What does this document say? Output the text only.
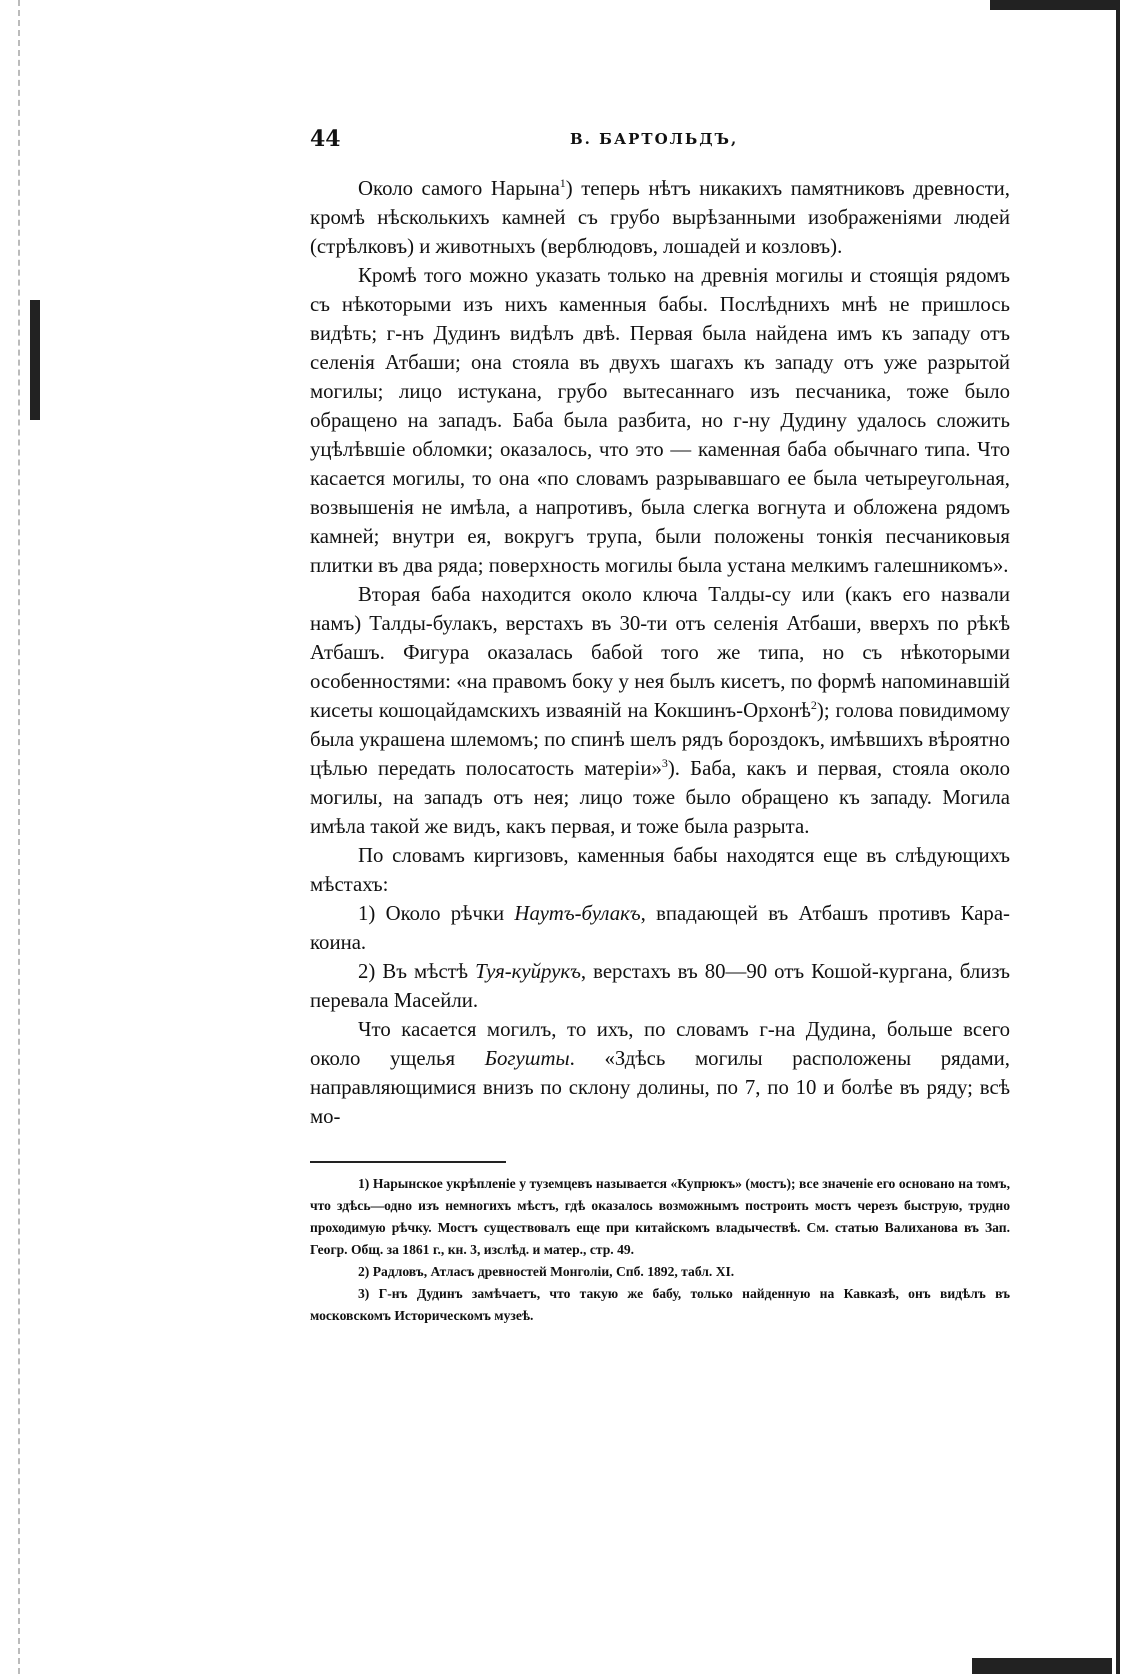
44	В. БАРТОЛЬДЪ,

Около самого Нарына$^1$) теперь нѣтъ никакихъ памятниковъ древности, кромѣ нѣсколькихъ камней съ грубо вырѣзанными изображеніями людей (стрѣлковъ) и животныхъ (верблюдовъ, лошадей и козловъ).

Кромѣ того можно указать только на древнія могилы и стоящія рядомъ съ нѣкоторыми изъ нихъ каменныя бабы. Послѣднихъ мнѣ не пришлось видѣть; г-нъ Дудинъ видѣлъ двѣ. Первая была найдена имъ къ западу отъ селенія Атбаши; она стояла въ двухъ шагахъ къ западу отъ уже разрытой могилы; лицо истукана, грубо вытесаннаго изъ песчаника, тоже было обращено на западъ. Баба была разбита, но г-ну Дудину удалось сложить уцѣлѣвшіе обломки; оказалось, что это — каменная баба обычнаго типа. Что касается могилы, то она «по словамъ разрывавшаго ее была четыреугольная, возвышенія не имѣла, а напротивъ, была слегка вогнута и обложена рядомъ камней; внутри ея, вокругъ трупа, были положены тонкія песчаниковыя плитки въ два ряда; поверхность могилы была устана мелкимъ галешникомъ».

Вторая баба находится около ключа Талды-су или (какъ его назвали намъ) Талды-булакъ, верстахъ въ 30-ти отъ селенія Атбаши, вверхъ по рѣкѣ Атбашъ. Фигура оказалась бабой того же типа, но съ нѣкоторыми особенностями: «на правомъ боку у нея былъ кисетъ, по формѣ напоминавшій кисеты кошоцайдамскихъ изваяній на Кокшинъ-Орхонѣ$^2$); голова повидимому была украшена шлемомъ; по спинѣ шелъ рядъ бороздокъ, имѣвшихъ вѣроятно цѣлью передать полосатость матеріи»$^3$). Баба, какъ и первая, стояла около могилы, на западъ отъ нея; лицо тоже было обращено къ западу. Могила имѣла такой же видъ, какъ первая, и тоже была разрыта.

По словамъ киргизовъ, каменныя бабы находятся еще въ слѣдующихъ мѣстахъ:

1) Около рѣчки Наутъ-булакъ, впадающей въ Атбашъ противъ Кара-коина.

2) Въ мѣстѣ Туя-куйрукъ, верстахъ въ 80—90 отъ Кошой-кургана, близъ перевала Масейли.

Что касается могилъ, то ихъ, по словамъ г-на Дудина, больше всего около ущелья Богушты. «Здѣсь могилы расположены рядами, направляющимися внизъ по склону долины, по 7, по 10 и болѣе въ ряду; всѣ мо-

1) Нарынское укрѣпленіе у туземцевъ называется «Купрюкъ» (мостъ); все значеніе его основано на томъ, что здѣсь—одно изъ немногихъ мѣстъ, гдѣ оказалось возможнымъ построить мостъ черезъ быструю, трудно проходимую рѣчку. Мостъ существовалъ еще при китайскомъ владычествѣ. См. статью Валиханова въ Зап. Геогр. Общ. за 1861 г., кн. 3, изслѣд. и матер., стр. 49.

2) Радловъ, Атласъ древностей Монголіи, Спб. 1892, табл. XI.

3) Г-нъ Дудинъ замѣчаетъ, что такую же бабу, только найденную на Кавказѣ, онъ видѣлъ въ московскомъ Историческомъ музеѣ.
